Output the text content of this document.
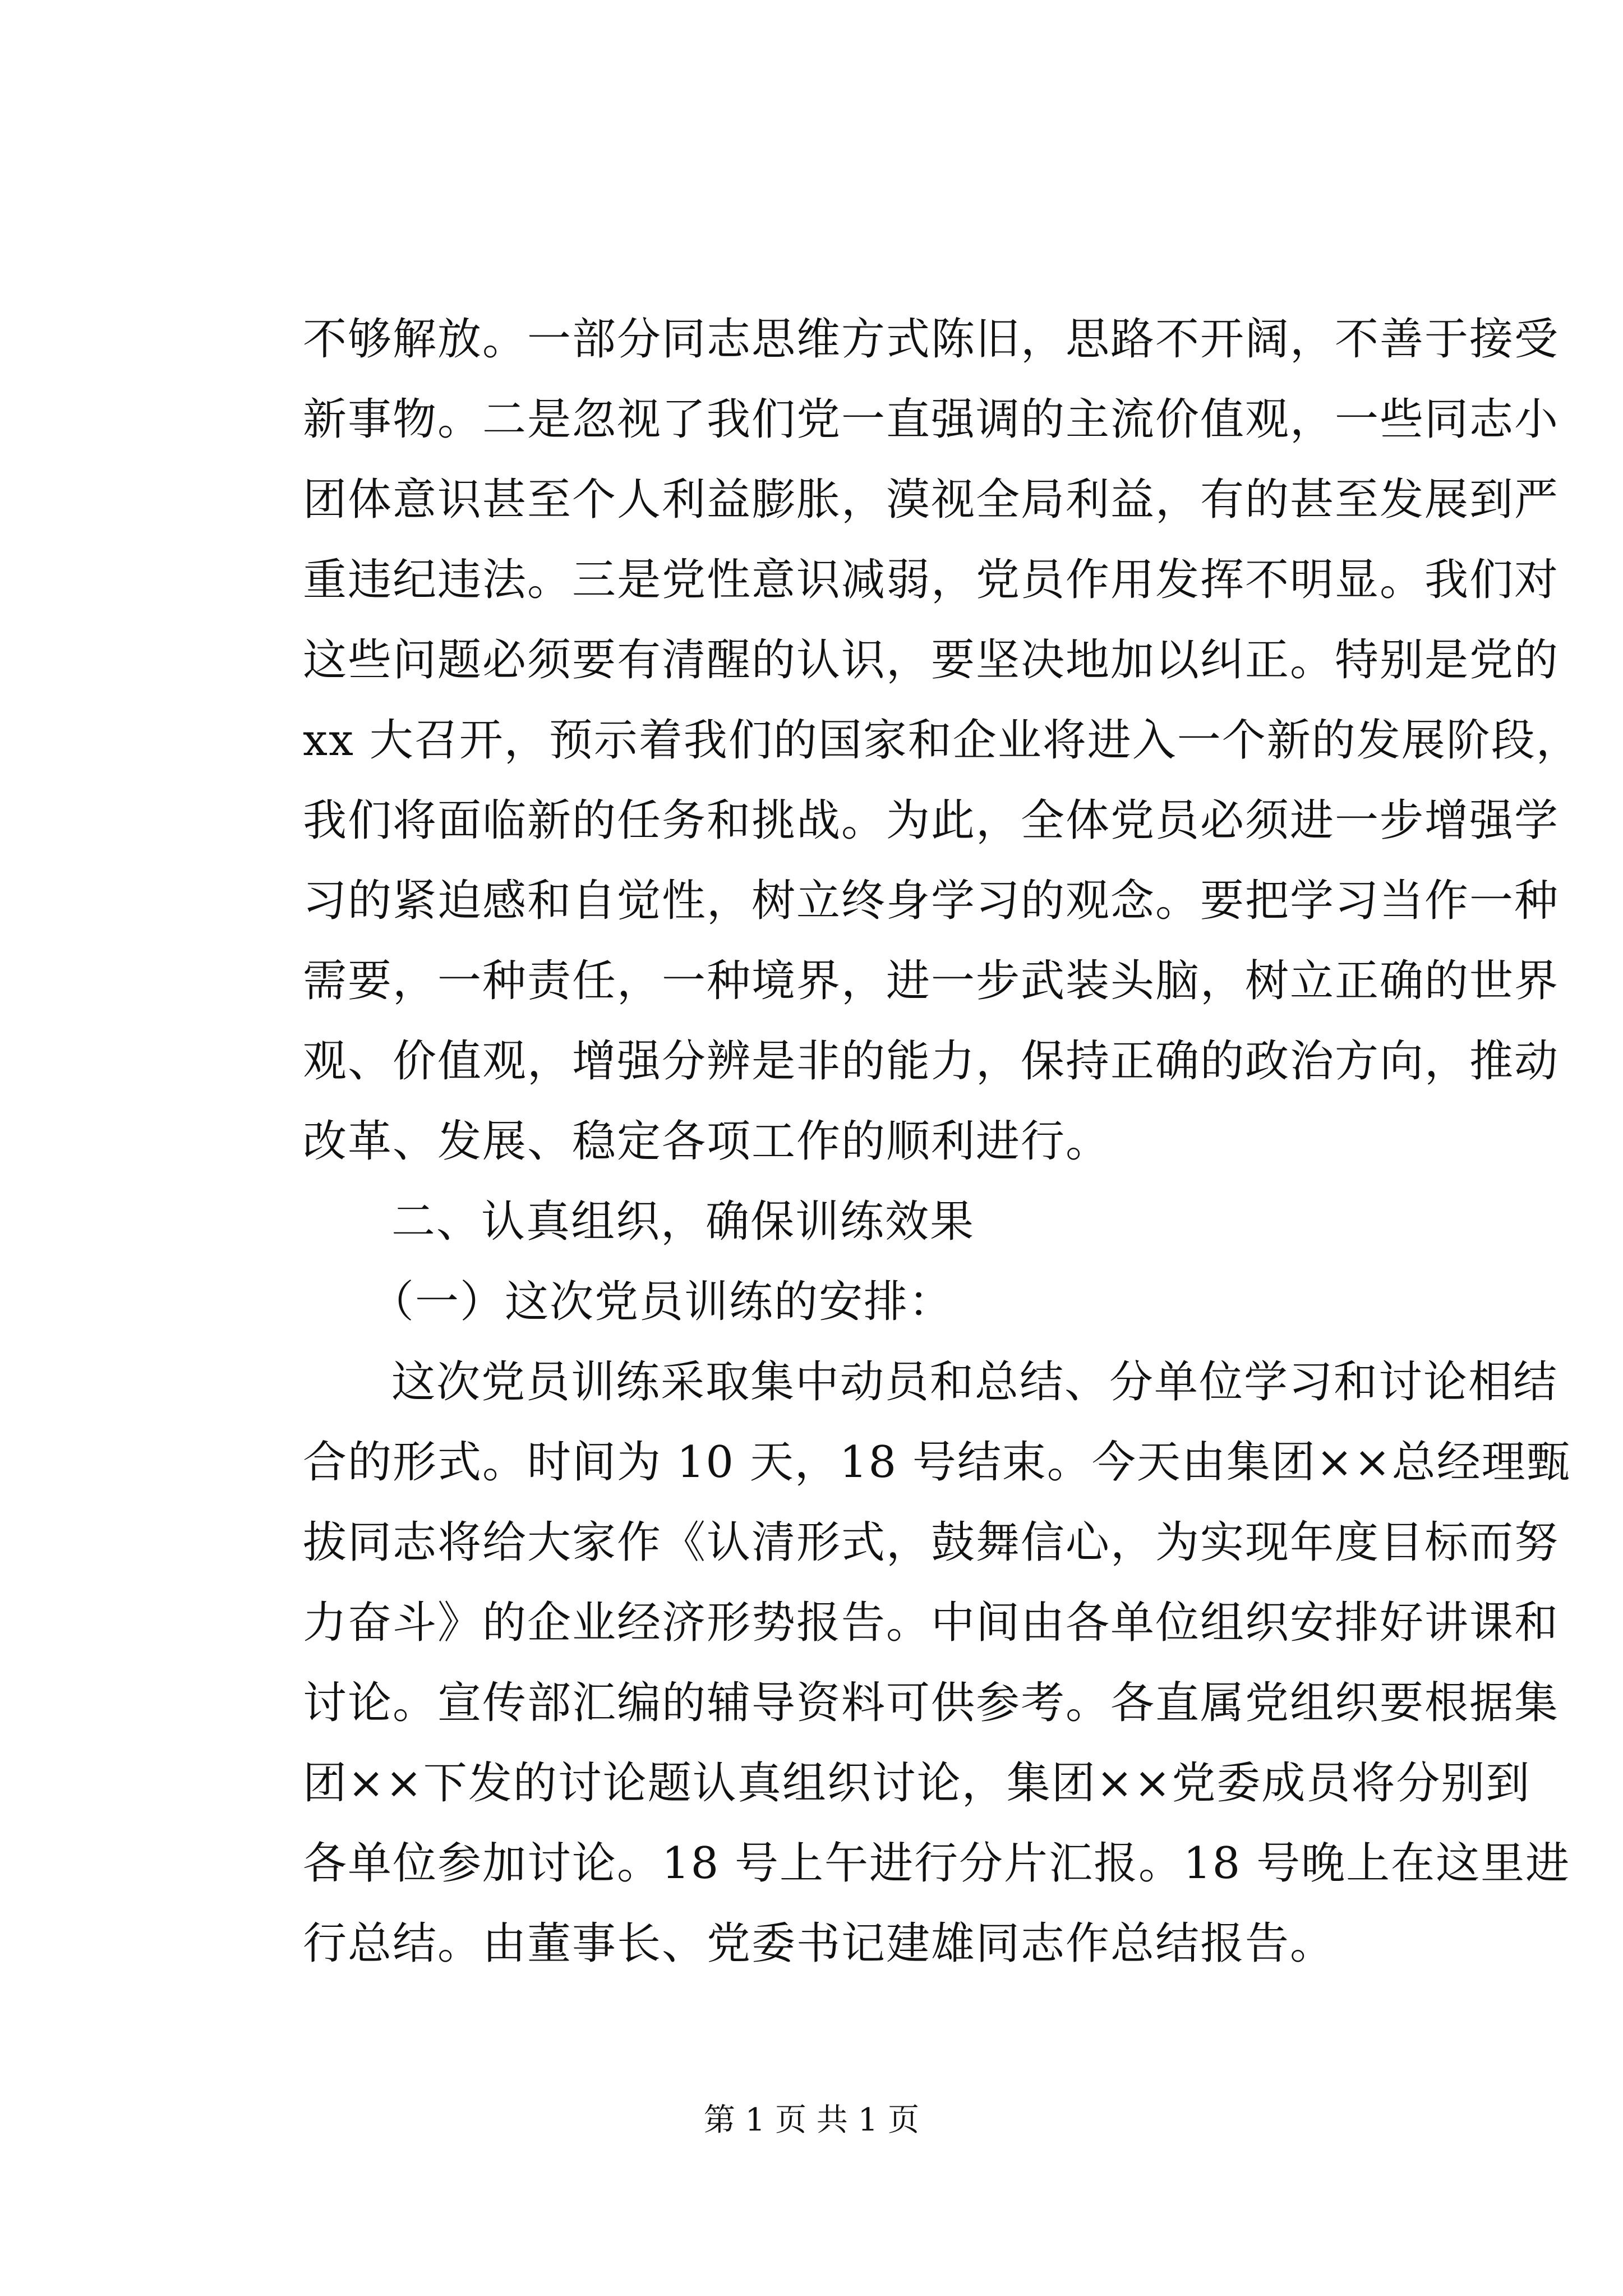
不够解放。一部分同志思维方式陈旧，思路不开阔，不善于接受
新事物。二是忽视了我们党一直强调的主流价值观，一些同志小
团体意识甚至个人利益膨胀，漠视全局利益，有的甚至发展到严
重违纪违法。三是党性意识减弱，党员作用发挥不明显。我们对
这些问题必须要有清醒的认识，要坚决地加以纠正。特别是党的
xx 大召开，预示着我们的国家和企业将进入一个新的发展阶段，
我们将面临新的任务和挑战。为此，全体党员必须进一步增强学
习的紧迫感和自觉性，树立终身学习的观念。要把学习当作一种
需要，一种责任，一种境界，进一步武装头脑，树立正确的世界
观、价值观，增强分辨是非的能力，保持正确的政治方向，推动
改革、发展、稳定各项工作的顺利进行。
二、认真组织，确保训练效果
（一）这次党员训练的安排：
这次党员训练采取集中动员和总结、分单位学习和讨论相结
合的形式。时间为 10 天，18 号结束。今天由集团××总经理甄
拔同志将给大家作《认清形式，鼓舞信心，为实现年度目标而努
力奋斗》的企业经济形势报告。中间由各单位组织安排好讲课和
讨论。宣传部汇编的辅导资料可供参考。各直属党组织要根据集
团××下发的讨论题认真组织讨论，集团××党委成员将分别到
各单位参加讨论。18 号上午进行分片汇报。18 号晚上在这里进
行总结。由董事长、党委书记建雄同志作总结报告。
第 1 页 共 1 页
